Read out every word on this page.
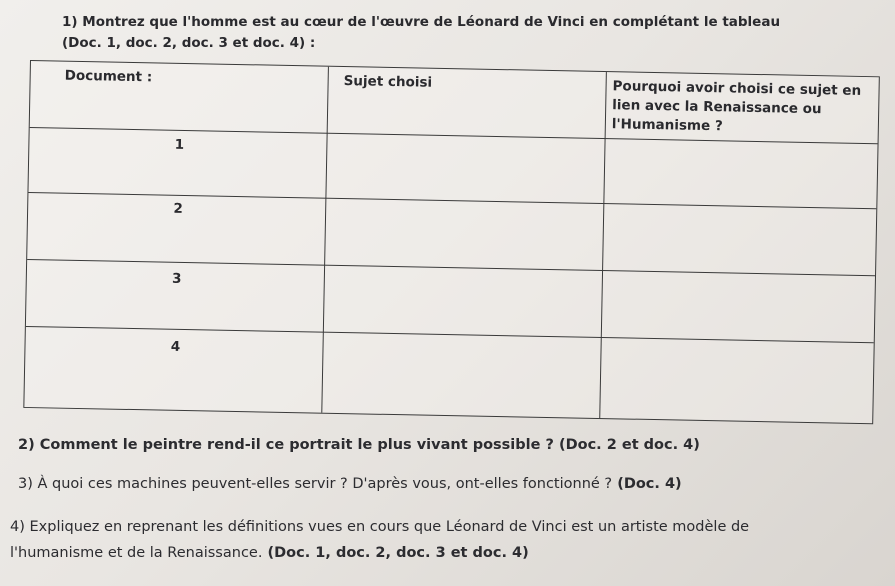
1) Montrez que l'homme est au cœur de l'œuvre de Léonard de Vinci en complétant le tableau
(Doc. 1, doc. 2, doc. 3 et doc. 4) :
Document :	Sujet choisi	Pourquoi avoir choisi ce sujet en lien avec la Renaissance ou l'Humanisme ?
1
2
3
4
2) Comment le peintre rend-il ce portrait le plus vivant possible ? (Doc. 2 et doc. 4)
3) À quoi ces machines peuvent-elles servir ? D'après vous, ont-elles fonctionné ? (Doc. 4)
4) Expliquez en reprenant les définitions vues en cours que Léonard de Vinci est un artiste modèle de
l'humanisme et de la Renaissance. (Doc. 1, doc. 2, doc. 3 et doc. 4)
